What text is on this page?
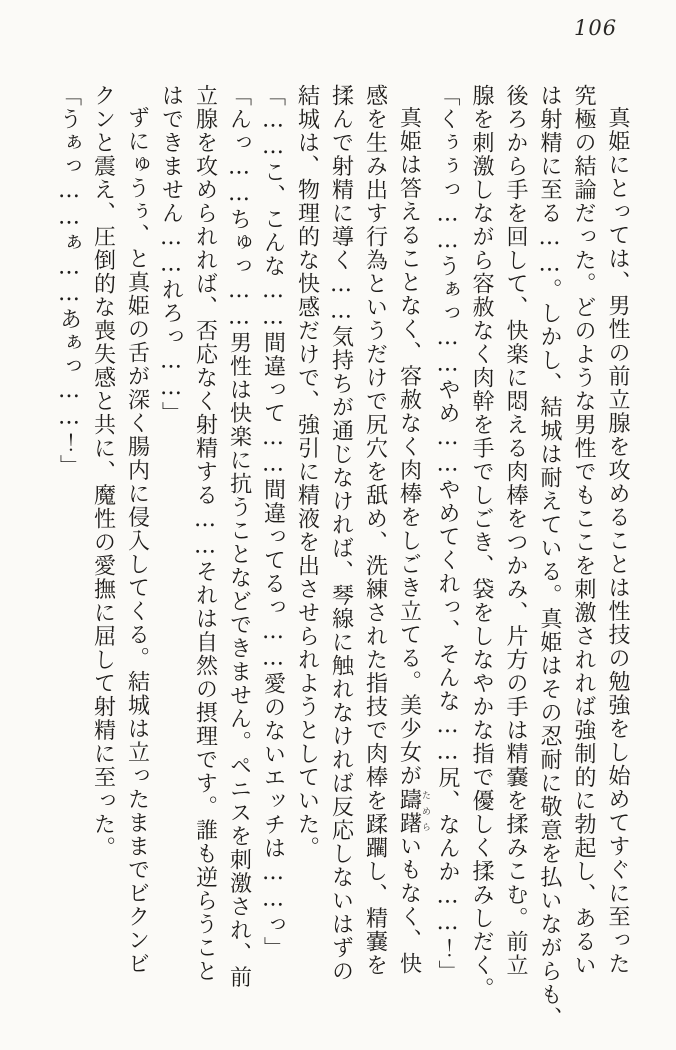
106

真姫にとっては、男性の前立腺を攻めることは性技の勉強をし始めてすぐに至った

究極の結論だった。どのような男性でもここを刺激されれば強制的に勃起し、あるい

は射精に至る……。しかし、結城は耐えている。真姫はその忍耐に敬意を払いながらも、

後ろから手を回して、快楽に悶える肉棒をつかみ、片方の手は精嚢を揉みこむ。前立

腺を刺激しながら容赦なく肉幹を手でしごき、袋をしなやかな指で優しく揉みしだく。

「くぅぅっ……うぁっ……やめ……やめてくれっ、そんな……尻、なんか……！」

真姫は答えることなく、容赦なく肉棒をしごき立てる。美少女が躊躇ためらいもなく、快

感を生み出す行為というだけで尻穴を舐め、洗練された指技で肉棒を蹂躙し、精嚢を

揉んで射精に導く……気持ちが通じなければ、琴線に触れなければ反応しないはずの

結城は、物理的な快感だけで、強引に精液を出させられようとしていた。

「……こ、こんな……間違って……間違ってるっ……愛のないエッチは……っ」

「んっ……ちゅっ……男性は快楽に抗うことなどできません。ペニスを刺激され、前

立腺を攻められれば、否応なく射精する……それは自然の摂理です。誰も逆らうこと

はできません……れろっ……」

ずにゅうぅ、と真姫の舌が深く腸内に侵入してくる。結城は立ったままでビクンビ

クンと震え、圧倒的な喪失感と共に、魔性の愛撫に屈して射精に至った。

「うぁっ……ぁ……あぁっ……！」
